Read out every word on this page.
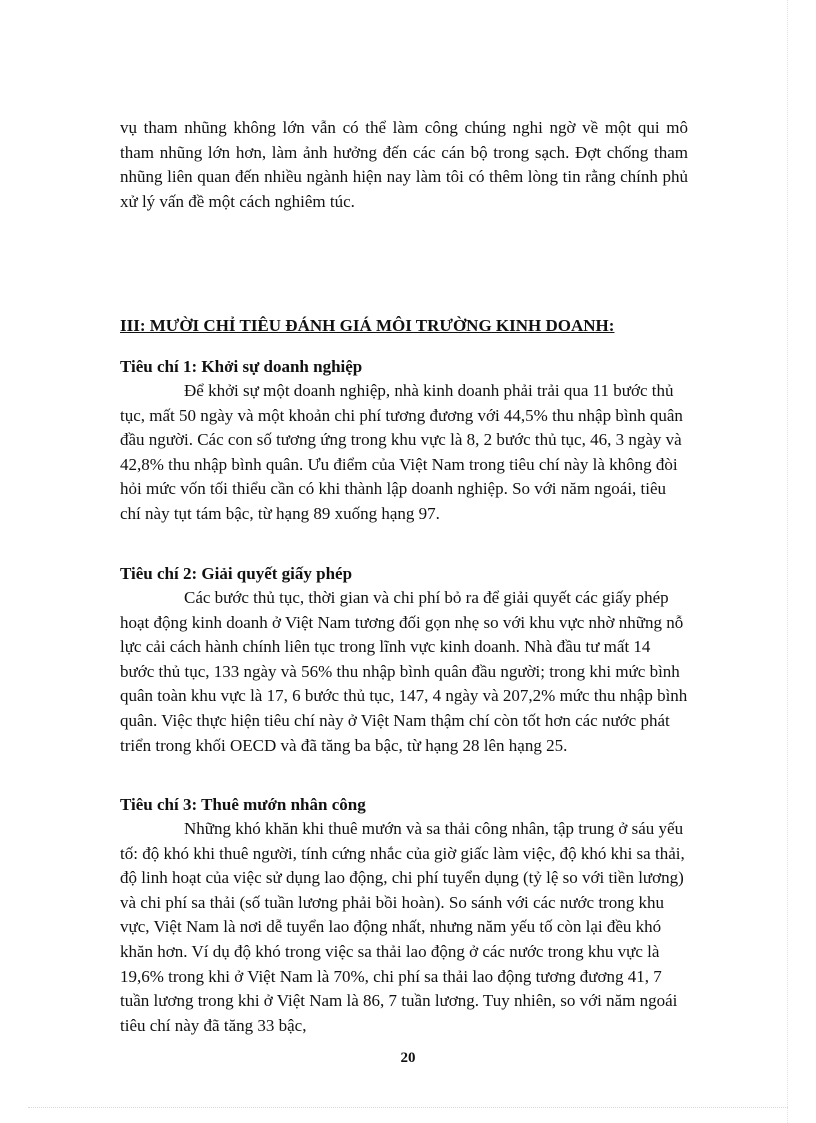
vụ tham nhũng không lớn vẫn có thể làm công chúng nghi ngờ về một qui mô tham nhũng lớn hơn, làm ảnh hưởng đến các cán bộ trong sạch. Đợt chống tham nhũng liên quan đến nhiều ngành hiện nay làm tôi có thêm lòng tin rằng chính phủ xử lý vấn đề một cách nghiêm túc.

III: MƯỜI CHỈ TIÊU ĐÁNH GIÁ MÔI TRƯỜNG KINH DOANH:
Tiêu chí 1: Khởi sự doanh nghiệp

Để khởi sự một doanh nghiệp, nhà kinh doanh phải trải qua 11 bước thủ tục, mất 50 ngày và một khoản chi phí tương đương với 44,5% thu nhập bình quân đầu người. Các con số tương ứng trong khu vực là 8, 2 bước thủ tục, 46, 3 ngày và 42,8% thu nhập bình quân. Ưu điểm của Việt Nam trong tiêu chí này là không đòi hỏi mức vốn tối thiểu cần có khi thành lập doanh nghiệp. So với năm ngoái, tiêu chí này tụt tám bậc, từ hạng 89 xuống hạng 97.

Tiêu chí 2: Giải quyết giấy phép

Các bước thủ tục, thời gian và chi phí bỏ ra để giải quyết các giấy phép hoạt động kinh doanh ở Việt Nam tương đối gọn nhẹ so với khu vực nhờ những nỗ lực cải cách hành chính liên tục trong lĩnh vực kinh doanh. Nhà đầu tư mất 14 bước thủ tục, 133 ngày và 56% thu nhập bình quân đầu người; trong khi mức bình quân toàn khu vực là 17, 6 bước thủ tục, 147, 4 ngày và 207,2% mức thu nhập bình quân. Việc thực hiện tiêu chí này ở Việt Nam thậm chí còn tốt hơn các nước phát triển trong khối OECD và đã tăng ba bậc, từ hạng 28 lên hạng 25.

Tiêu chí 3: Thuê mướn nhân công

Những khó khăn khi thuê mướn và sa thải công nhân, tập trung ở sáu yếu tố: độ khó khi thuê người, tính cứng nhắc của giờ giấc làm việc, độ khó khi sa thải, độ linh hoạt của việc sử dụng lao động, chi phí tuyển dụng (tỷ lệ so với tiền lương) và chi phí sa thải (số tuần lương phải bồi hoàn). So sánh với các nước trong khu vực, Việt Nam là nơi dễ tuyển lao động nhất, nhưng năm yếu tố còn lại đều khó khăn hơn. Ví dụ độ khó trong việc sa thải lao động ở các nước trong khu vực là 19,6% trong khi ở Việt Nam là 70%, chi phí sa thải lao động tương đương 41, 7 tuần lương trong khi ở Việt Nam là 86, 7 tuần lương. Tuy nhiên, so với năm ngoái tiêu chí này đã tăng 33 bậc,

20
